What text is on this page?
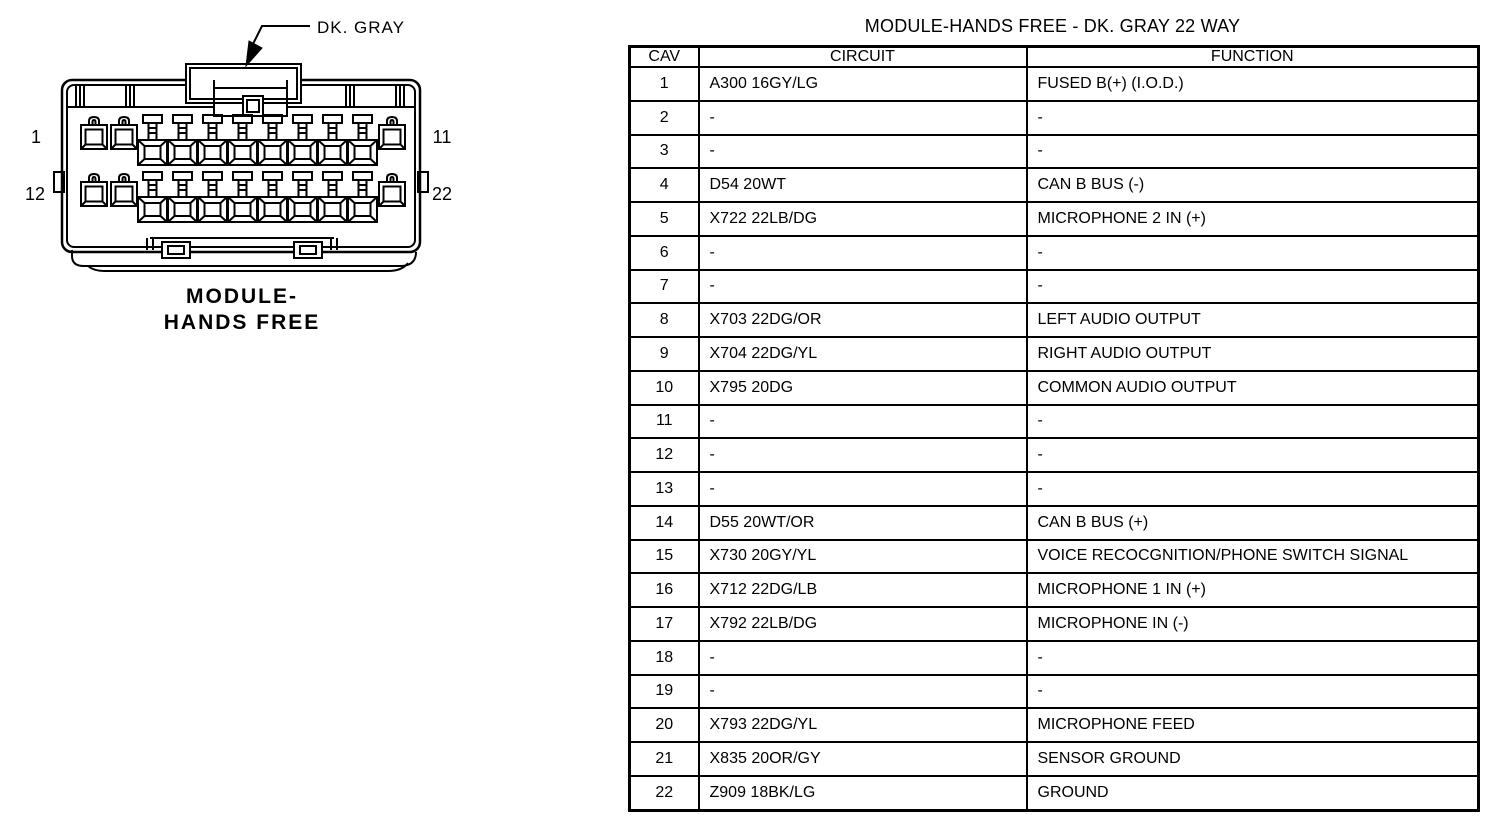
DK. GRAY
1	11
12	22
MODULE-
HANDS FREE
MODULE-HANDS FREE - DK. GRAY 22 WAY
CAV	CIRCUIT	FUNCTION
1	A300 16GY/LG	FUSED B(+) (I.O.D.)
2	-	-
3	-	-
4	D54 20WT	CAN B BUS (-)
5	X722 22LB/DG	MICROPHONE 2 IN (+)
6	-	-
7	-	-
8	X703 22DG/OR	LEFT AUDIO OUTPUT
9	X704 22DG/YL	RIGHT AUDIO OUTPUT
10	X795 20DG	COMMON AUDIO OUTPUT
11	-	-
12	-	-
13	-	-
14	D55 20WT/OR	CAN B BUS (+)
15	X730 20GY/YL	VOICE RECOCGNITION/PHONE SWITCH SIGNAL
16	X712 22DG/LB	MICROPHONE 1 IN (+)
17	X792 22LB/DG	MICROPHONE IN (-)
18	-	-
19	-	-
20	X793 22DG/YL	MICROPHONE FEED
21	X835 20OR/GY	SENSOR GROUND
22	Z909 18BK/LG	GROUND
